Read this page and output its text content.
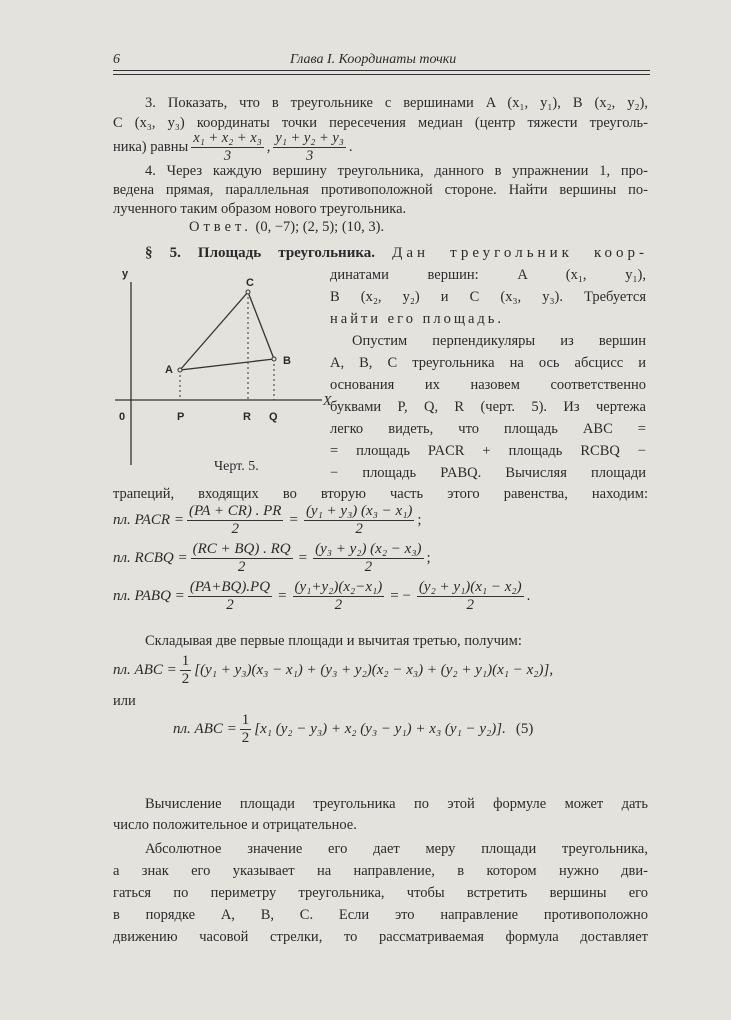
6	Глава I. Координаты точки
3. Показать, что в треугольнике с вершинами A (x₁, y₁), B (x₂, y₂),
C (x₃, y₃) координаты точки пересечения медиан (центр тяжести треуголь-
ника) равны $\frac{\text{x₁ + x₂ + x₃}}{3}$ , $\frac{\text{y₁ + y₂ + y₃}}{3}$ .
4. Через каждую вершину треугольника, данного в упражнении 1, про-
ведена прямая, параллельная противоположной стороне. Найти вершины по-
лученного таким образом нового треугольника.
Ответ. (0, −7); (2, 5); (10, 3).
§ 5. Площадь треугольника. Дан треугольник коор-
динатами вершин: A (x₁, y₁),
B (x₂, y₂) и C (x₃, y₃). Требуется
найти его площадь.
Опустим перпендикуляры из вершин
A, B, C треугольника на ось абсцисс и
основания их назовем соответственно
буквами P, Q, R (черт. 5). Из чертежа
легко видеть, что площадь ABC =
= площадь PACR + площадь RCBQ −
− площадь PABQ. Вычисляя площади
трапеций, входящих во вторую часть этого равенства, находим:
y
C
A
B
0	P	R Q
X
Черт. 5.
пл. PACR = $\frac{(PA + CR) . PR}{2} = \frac{\text{(y₁ + y₃) (x₃ − x₁)}}{2}$ ;
пл. RCBQ = $\frac{(RC + BQ) . RQ}{2} = \frac{\text{(y₃ + y₂) (x₂ − x₃)}}{2}$ ;
пл. PABQ = $\frac{(PA+BQ).PQ}{2} = \frac{\text{(y₁+y₂)(x₂−x₁)}}{2}$ = − $\frac{\text{(y₂ + y₁)(x₁ − x₂)}}{2}$ .
Складывая две первые площади и вычитая третью, получим:
пл. ABC = $\frac{1}{2} [(y_1 + y_3)(x_3 - x_1) + (y_3 + y_2)(x_2 - x_3) + (y_2 + y_1)(x_1 - x_2)]$,
или
пл. ABC = $\frac{1}{2} [x_1$ (y₂ − y₃) + x₂ (y₃ − y₁) + x₃ (y₁ − y₂)]. (5)
Вычисление площади треугольника по этой формуле может дать
число положительное и отрицательное.
Абсолютное значение его дает меру площади треугольника,
а знак его указывает на направление, в котором нужно дви-
гаться по периметру треугольника, чтобы встретить вершины его
в порядке A, B, C. Если это направление противоположно
движению часовой стрелки, то рассматриваемая формула доставляет
